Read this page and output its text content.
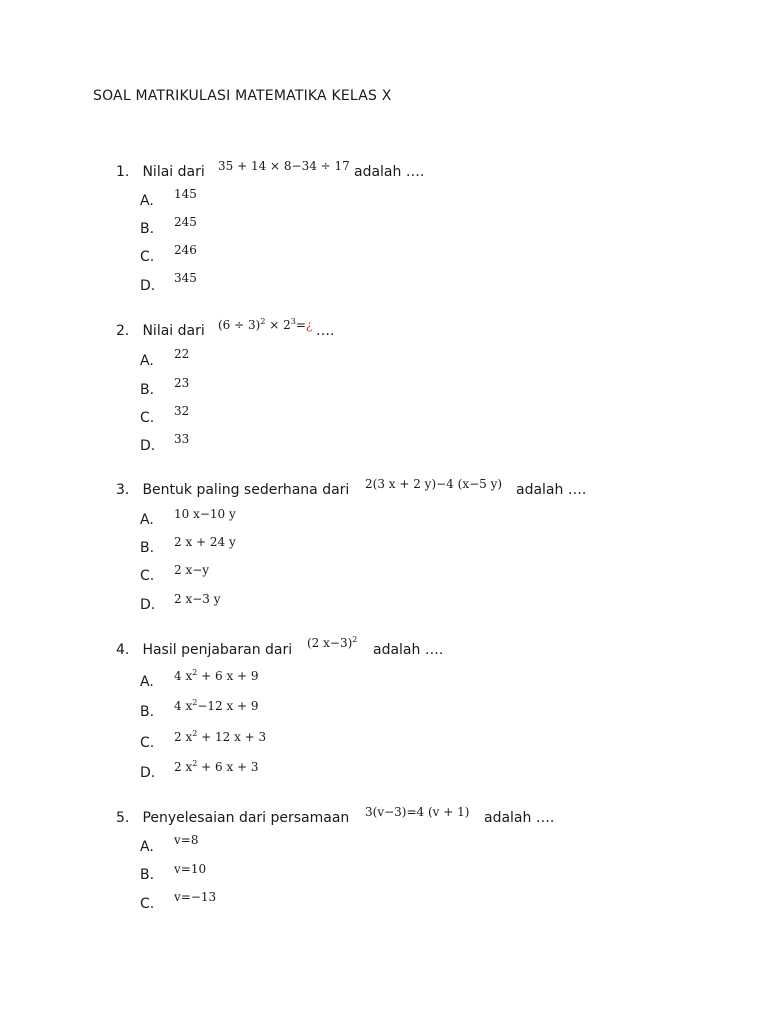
SOAL MATRIKULASI MATEMATIKA KELAS X
1. Nilai dari 35 + 14 × 8−34 ÷ 17 adalah ….
A. 145
B. 245
C. 246
D. 345
2. Nilai dari $(6 \div 3)^2$ × $2^3=¿$ ….
A. 22
B. 23
C. 32
D. 33
3. Bentuk paling sederhana dari 2(3 x + 2 y)−4 (x−5 y) adalah ….
A. 10 x−10 y
B. 2 x + 24 y
C. 2 x−y
D. 2 x−3 y
4. Hasil penjabaran dari (2 x−3)$^2$
adalah ….
A. 4 $x^2 + 6$ x + 9
B. 4 $x^2-12$ x + 9
C. 2 $x^2 + 12$ x + 3
D. 2 $x^2 + 6$ x + 3
5. Penyelesaian dari persamaan 3(v−3)=4 (v + 1) adalah ….
A. v=8
B. v=10
C. v=−13
